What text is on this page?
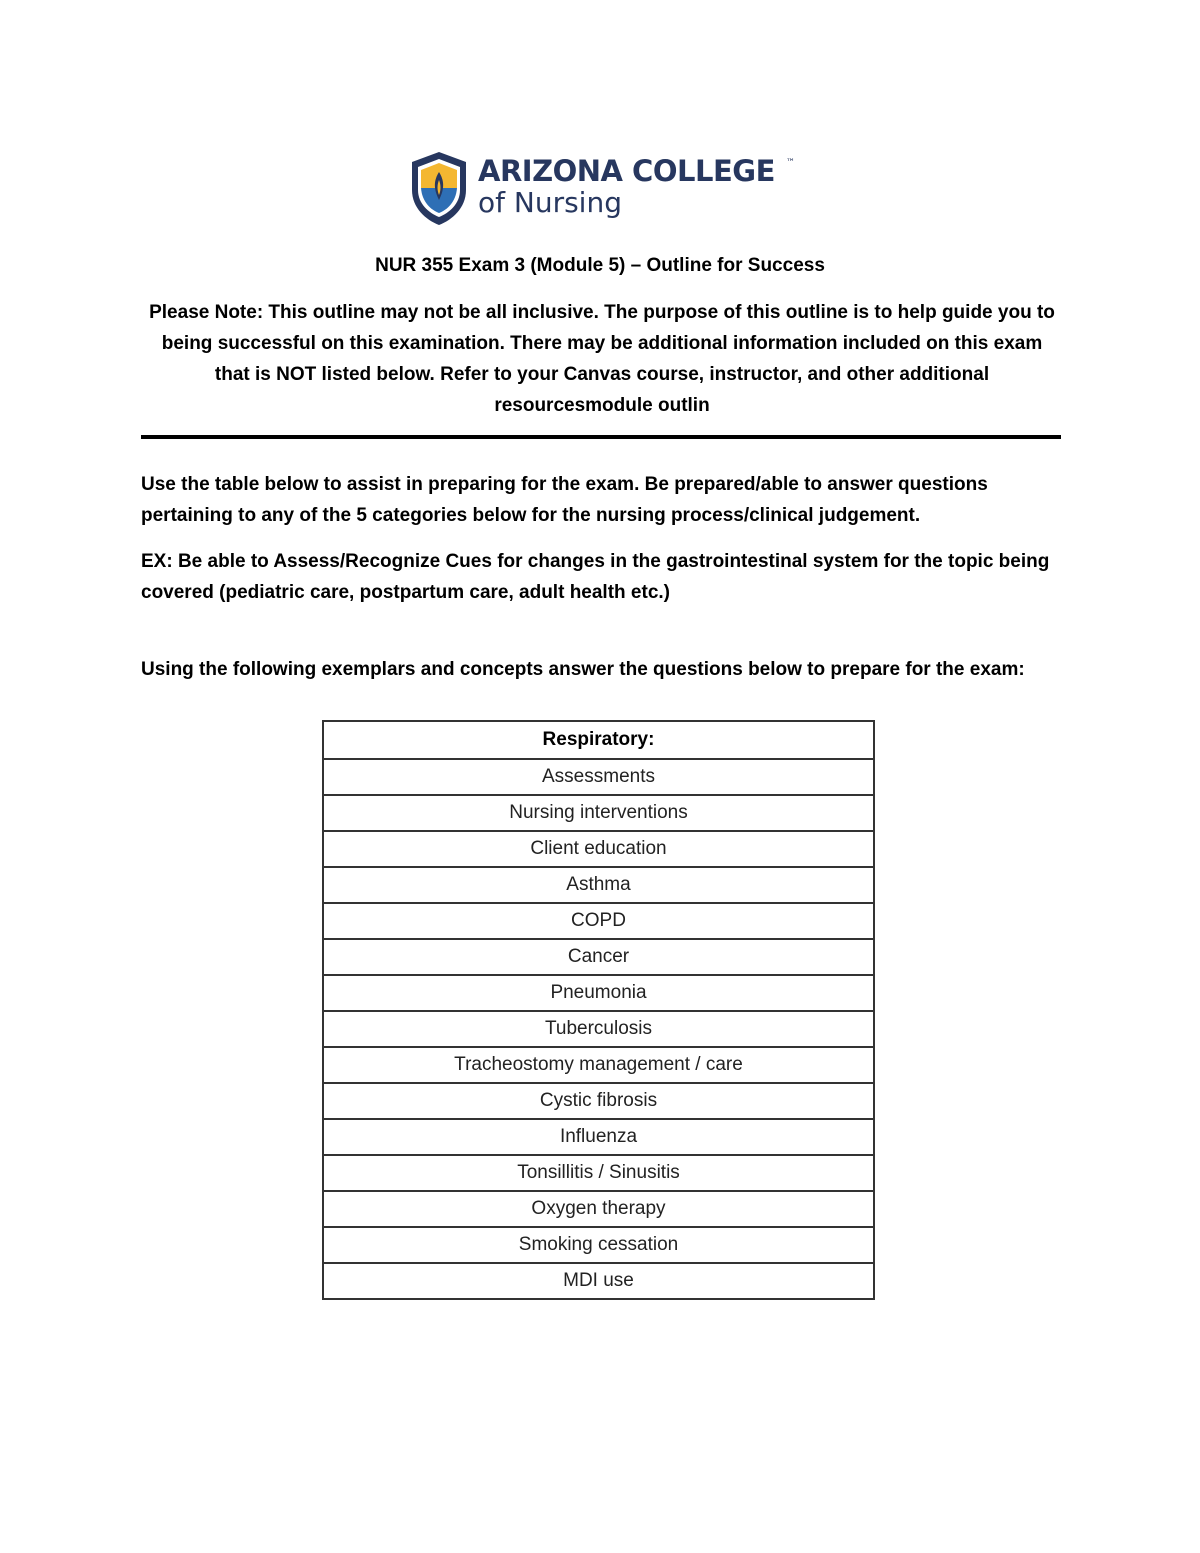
ARIZONA COLLEGE ™
of Nursing
NUR 355 Exam 3 (Module 5) – Outline for Success
Please Note: This outline may not be all inclusive. The purpose of this outline is to help guide you to being successful on this examination. There may be additional information included on this exam that is NOT listed below. Refer to your Canvas course, instructor, and other additional resourcesmodule outlin
Use the table below to assist in preparing for the exam. Be prepared/able to answer questions pertaining to any of the 5 categories below for the nursing process/clinical judgement.
EX: Be able to Assess/Recognize Cues for changes in the gastrointestinal system for the topic being covered (pediatric care, postpartum care, adult health etc.)
Using the following exemplars and concepts answer the questions below to prepare for the exam:
Respiratory:
Assessments
Nursing interventions
Client education
Asthma
COPD
Cancer
Pneumonia
Tuberculosis
Tracheostomy management / care
Cystic fibrosis
Influenza
Tonsillitis / Sinusitis
Oxygen therapy
Smoking cessation
MDI use
